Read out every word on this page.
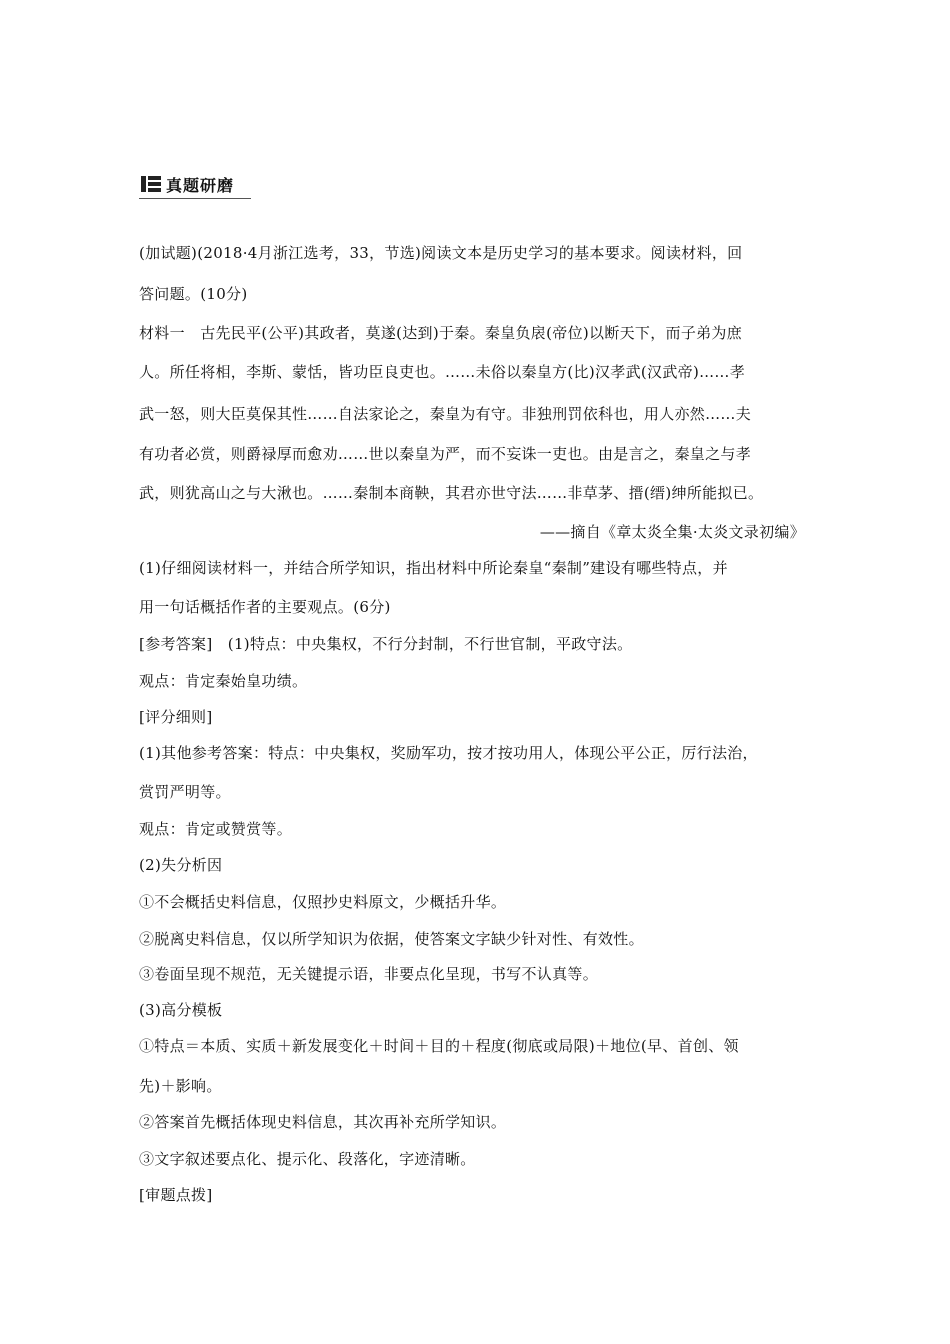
真题研磨
(加试题)(2018·4月浙江选考，33，节选)阅读文本是历史学习的基本要求。阅读材料，回
答问题。(10分)
材料一　古先民平(公平)其政者，莫遂(达到)于秦。秦皇负扆(帝位)以断天下，而子弟为庶
人。所任将相，李斯、蒙恬，皆功臣良吏也。……未俗以秦皇方(比)汉孝武(汉武帝)……孝
武一怒，则大臣莫保其性……自法家论之，秦皇为有守。非独刑罚依科也，用人亦然……夫
有功者必赏，则爵禄厚而愈劝……世以秦皇为严，而不妄诛一吏也。由是言之，秦皇之与孝
武，则犹高山之与大湫也。……秦制本商鞅，其君亦世守法……非草茅、搢(缙)绅所能拟已。
——摘自《章太炎全集·太炎文录初编》
(1)仔细阅读材料一，并结合所学知识，指出材料中所论秦皇“秦制”建设有哪些特点，并
用一句话概括作者的主要观点。(6分)
[参考答案]　(1)特点：中央集权，不行分封制，不行世官制，平政守法。
观点：肯定秦始皇功绩。
[评分细则]
(1)其他参考答案：特点：中央集权，奖励军功，按才按功用人，体现公平公正，厉行法治，
赏罚严明等。
观点：肯定或赞赏等。
(2)失分析因
①不会概括史料信息，仅照抄史料原文，少概括升华。
②脱离史料信息，仅以所学知识为依据，使答案文字缺少针对性、有效性。
③卷面呈现不规范，无关键提示语，非要点化呈现，书写不认真等。
(3)高分模板
①特点＝本质、实质＋新发展变化＋时间＋目的＋程度(彻底或局限)＋地位(早、首创、领
先)＋影响。
②答案首先概括体现史料信息，其次再补充所学知识。
③文字叙述要点化、提示化、段落化，字迹清晰。
[审题点拨]
